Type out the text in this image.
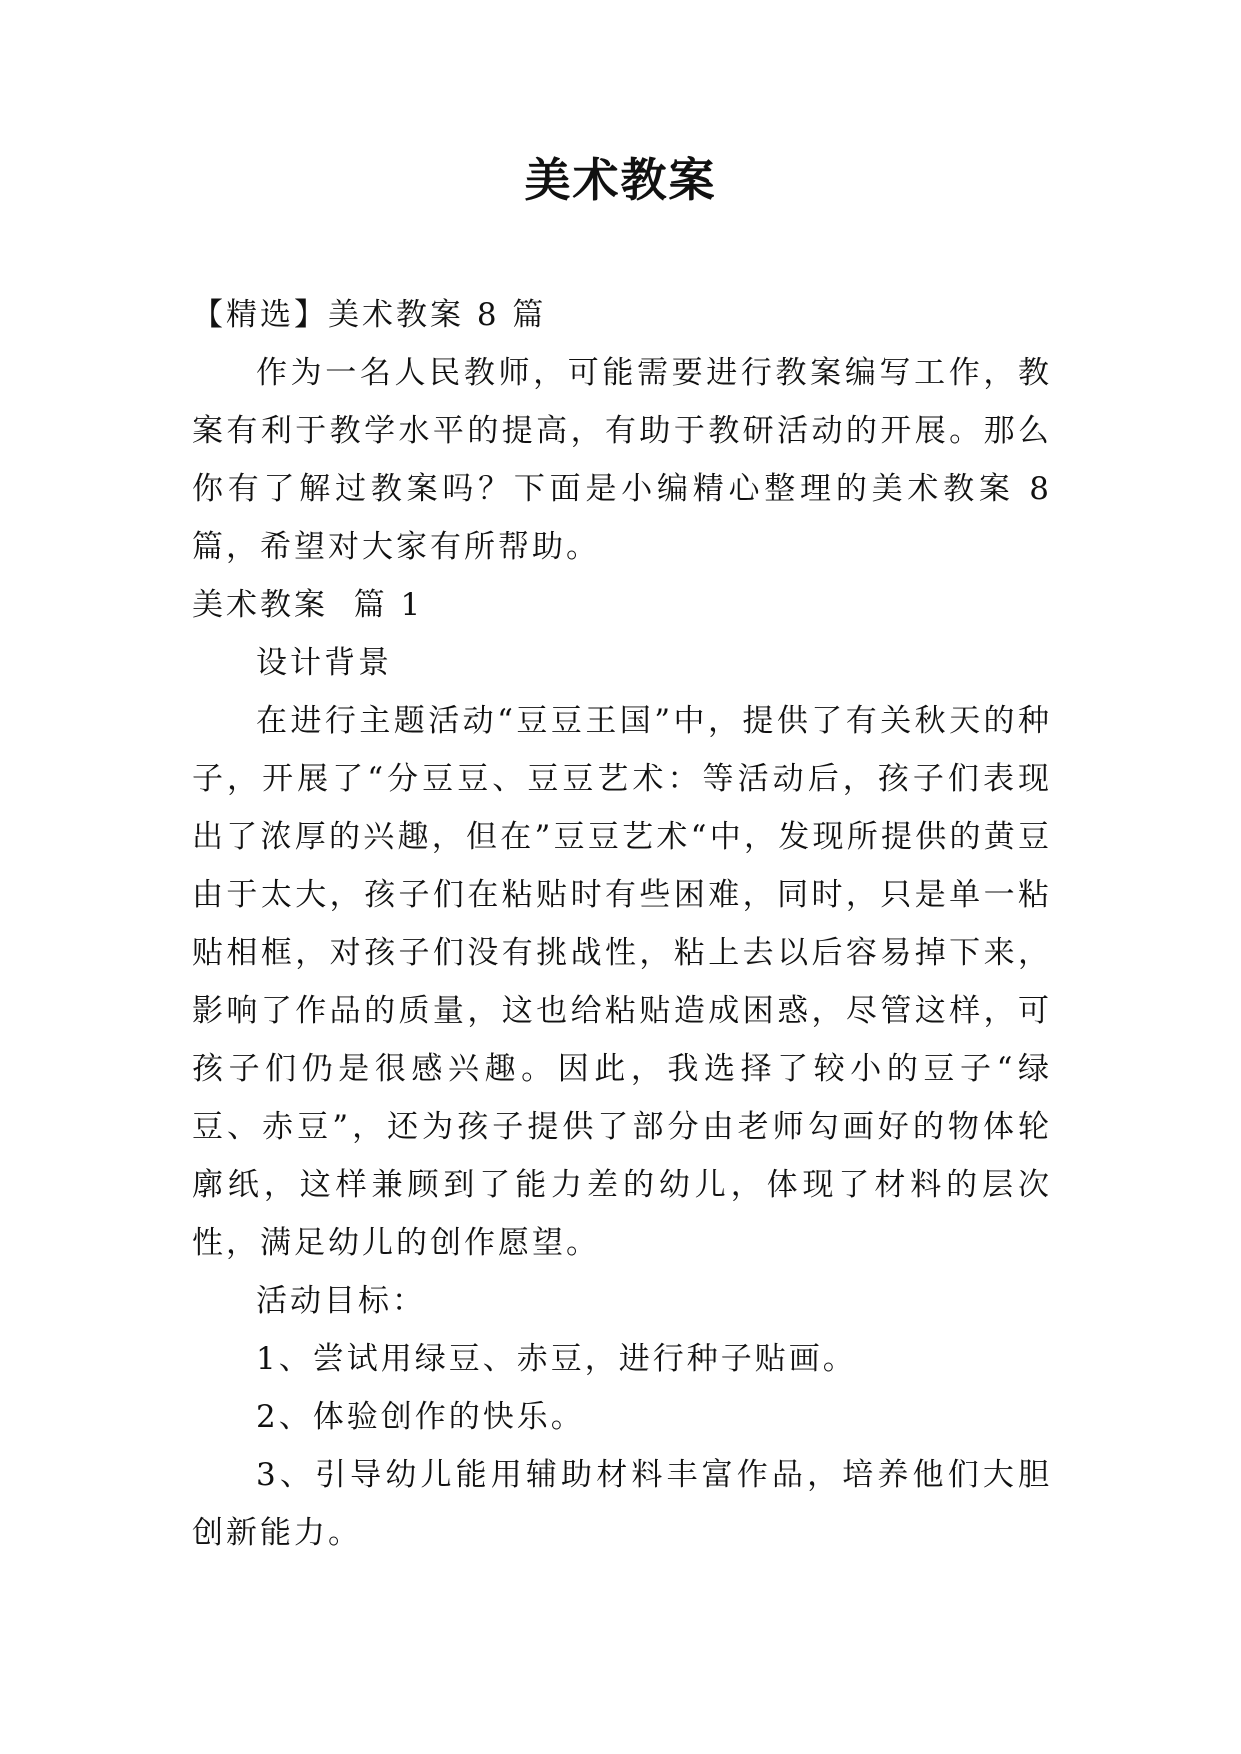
美术教案

【精选】美术教案 8 篇

作为一名人民教师，可能需要进行教案编写工作，教案有利于教学水平的提高，有助于教研活动的开展。那么你有了解过教案吗？下面是小编精心整理的美术教案 8 篇，希望对大家有所帮助。

美术教案  篇 1

设计背景

在进行主题活动“豆豆王国”中，提供了有关秋天的种子，开展了“分豆豆、豆豆艺术：等活动后，孩子们表现出了浓厚的兴趣，但在”豆豆艺术“中，发现所提供的黄豆由于太大，孩子们在粘贴时有些困难，同时，只是单一粘贴相框，对孩子们没有挑战性，粘上去以后容易掉下来，影响了作品的质量，这也给粘贴造成困惑，尽管这样，可孩子们仍是很感兴趣。因此，我选择了较小的豆子“绿豆、赤豆”，还为孩子提供了部分由老师勾画好的物体轮廓纸，这样兼顾到了能力差的幼儿，体现了材料的层次性，满足幼儿的创作愿望。

活动目标：

1、尝试用绿豆、赤豆，进行种子贴画。

2、体验创作的快乐。

3、引导幼儿能用辅助材料丰富作品，培养他们大胆创新能力。
